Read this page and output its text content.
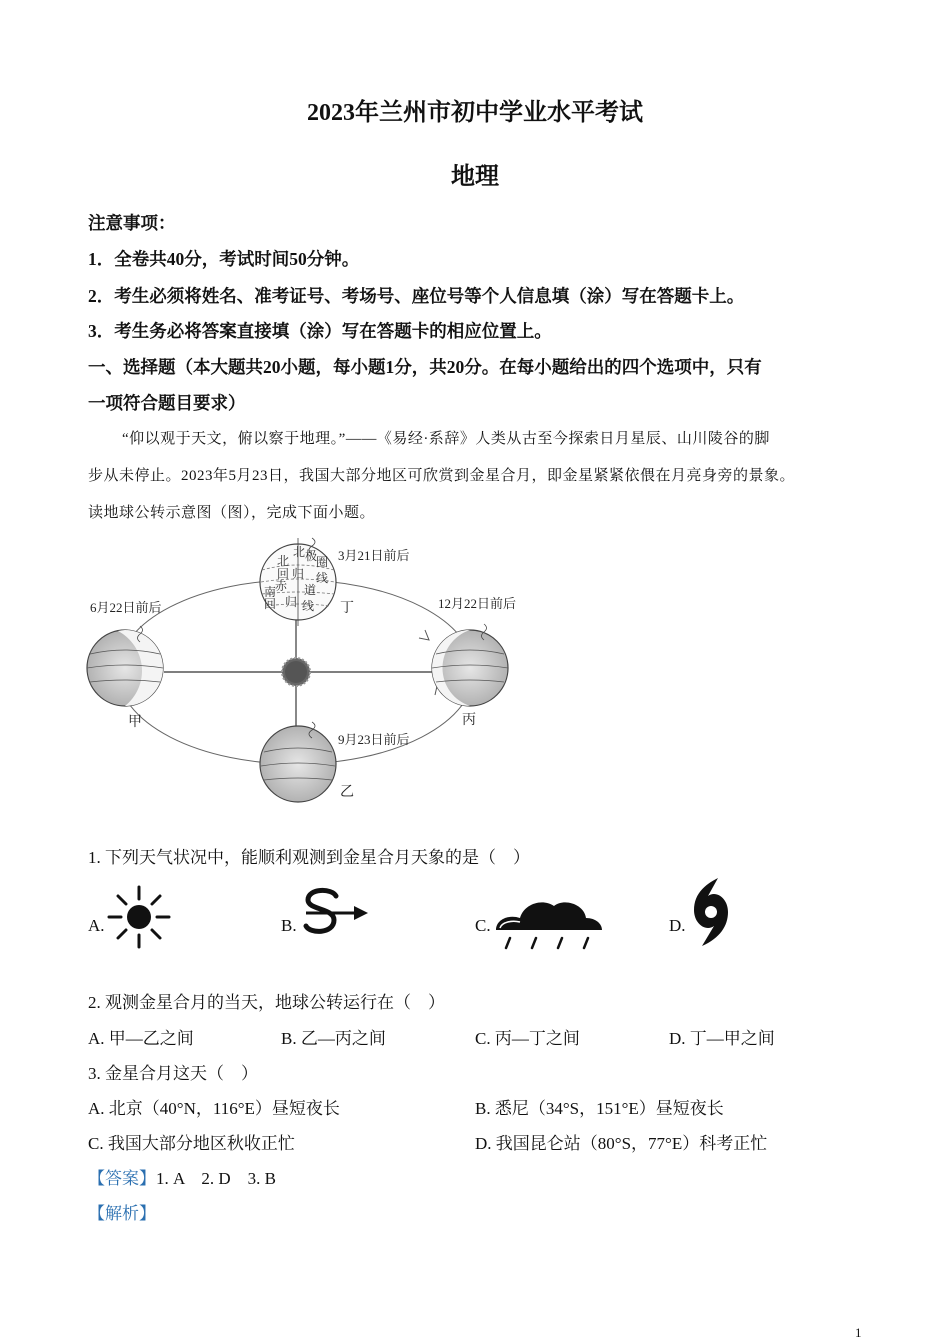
2023年兰州市初中学业水平考试
地理
注意事项：
1．全卷共40分，考试时间50分钟。
2．考生必须将姓名、准考证号、考场号、座位号等个人信息填（涂）写在答题卡上。
3．考生务必将答案直接填（涂）写在答题卡的相应位置上。
一、选择题（本大题共20小题，每小题1分，共20分。在每小题给出的四个选项中，只有
一项符合题目要求）
“仰以观于天文，俯以察于地理。”——《易经·系辞》人类从古至今探索日月星辰、山川陵谷的脚
步从未停止。2023年5月23日，我国大部分地区可欣赏到金星合月，即金星紧紧依偎在月亮身旁的景象。
读地球公转示意图（图），完成下面小题。
北
北 极
圈
回 线
归
赤 道
南
回 归 线
3月21日前后
12月22日前后
6月22日前后
9月23日前后
甲
乙
丙
丁
1. 下列天气状况中，能顺利观测到金星合月天象的是（　）
A.	B.	C.	D.
2. 观测金星合月的当天，地球公转运行在（　）
A. 甲—乙之间	B. 乙—丙之间	C. 丙—丁之间	D. 丁—甲之间
3. 金星合月这天（　）
A. 北京（40°N，116°E）昼短夜长	B. 悉尼（34°S，151°E）昼短夜长
C. 我国大部分地区秋收正忙	D. 我国昆仑站（80°S，77°E）科考正忙
【答案】1. A　2. D　3. B
【解析】
1
